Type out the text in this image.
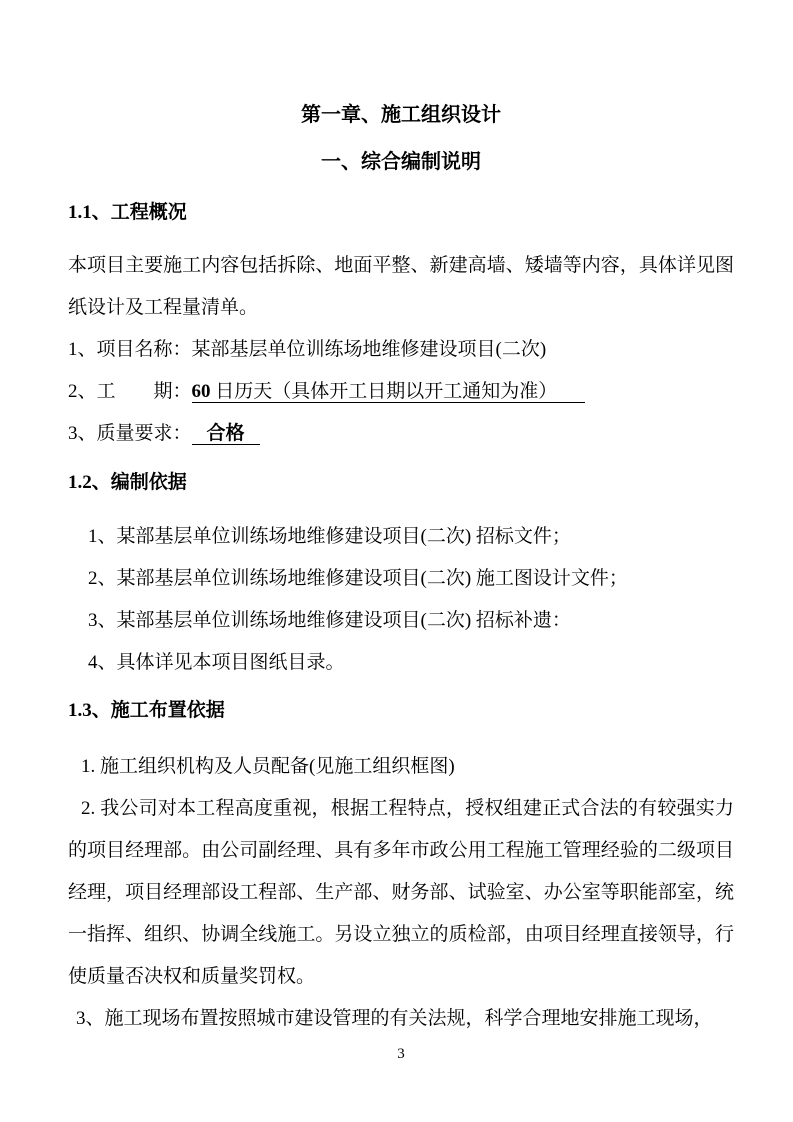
第一章、施工组织设计
一、综合编制说明
1.1、工程概况

本项目主要施工内容包括拆除、地面平整、新建高墙、矮墙等内容，具体详见图纸设计及工程量清单。

1、项目名称：某部基层单位训练场地维修建设项目(二次)

2、工　　期：60 日历天（具体开工日期以开工通知为准）

3、质量要求： 合格

1.2、编制依据

1、某部基层单位训练场地维修建设项目(二次) 招标文件；

2、某部基层单位训练场地维修建设项目(二次) 施工图设计文件；

3、某部基层单位训练场地维修建设项目(二次) 招标补遗：

4、具体详见本项目图纸目录。

1.3、施工布置依据

1. 施工组织机构及人员配备(见施工组织框图)

2. 我公司对本工程高度重视，根据工程特点，授权组建正式合法的有较强实力的项目经理部。由公司副经理、具有多年市政公用工程施工管理经验的二级项目经理，项目经理部设工程部、生产部、财务部、试验室、办公室等职能部室，统一指挥、组织、协调全线施工。另设立独立的质检部，由项目经理直接领导，行使质量否决权和质量奖罚权。

3、施工现场布置按照城市建设管理的有关法规，科学合理地安排施工现场，

3
